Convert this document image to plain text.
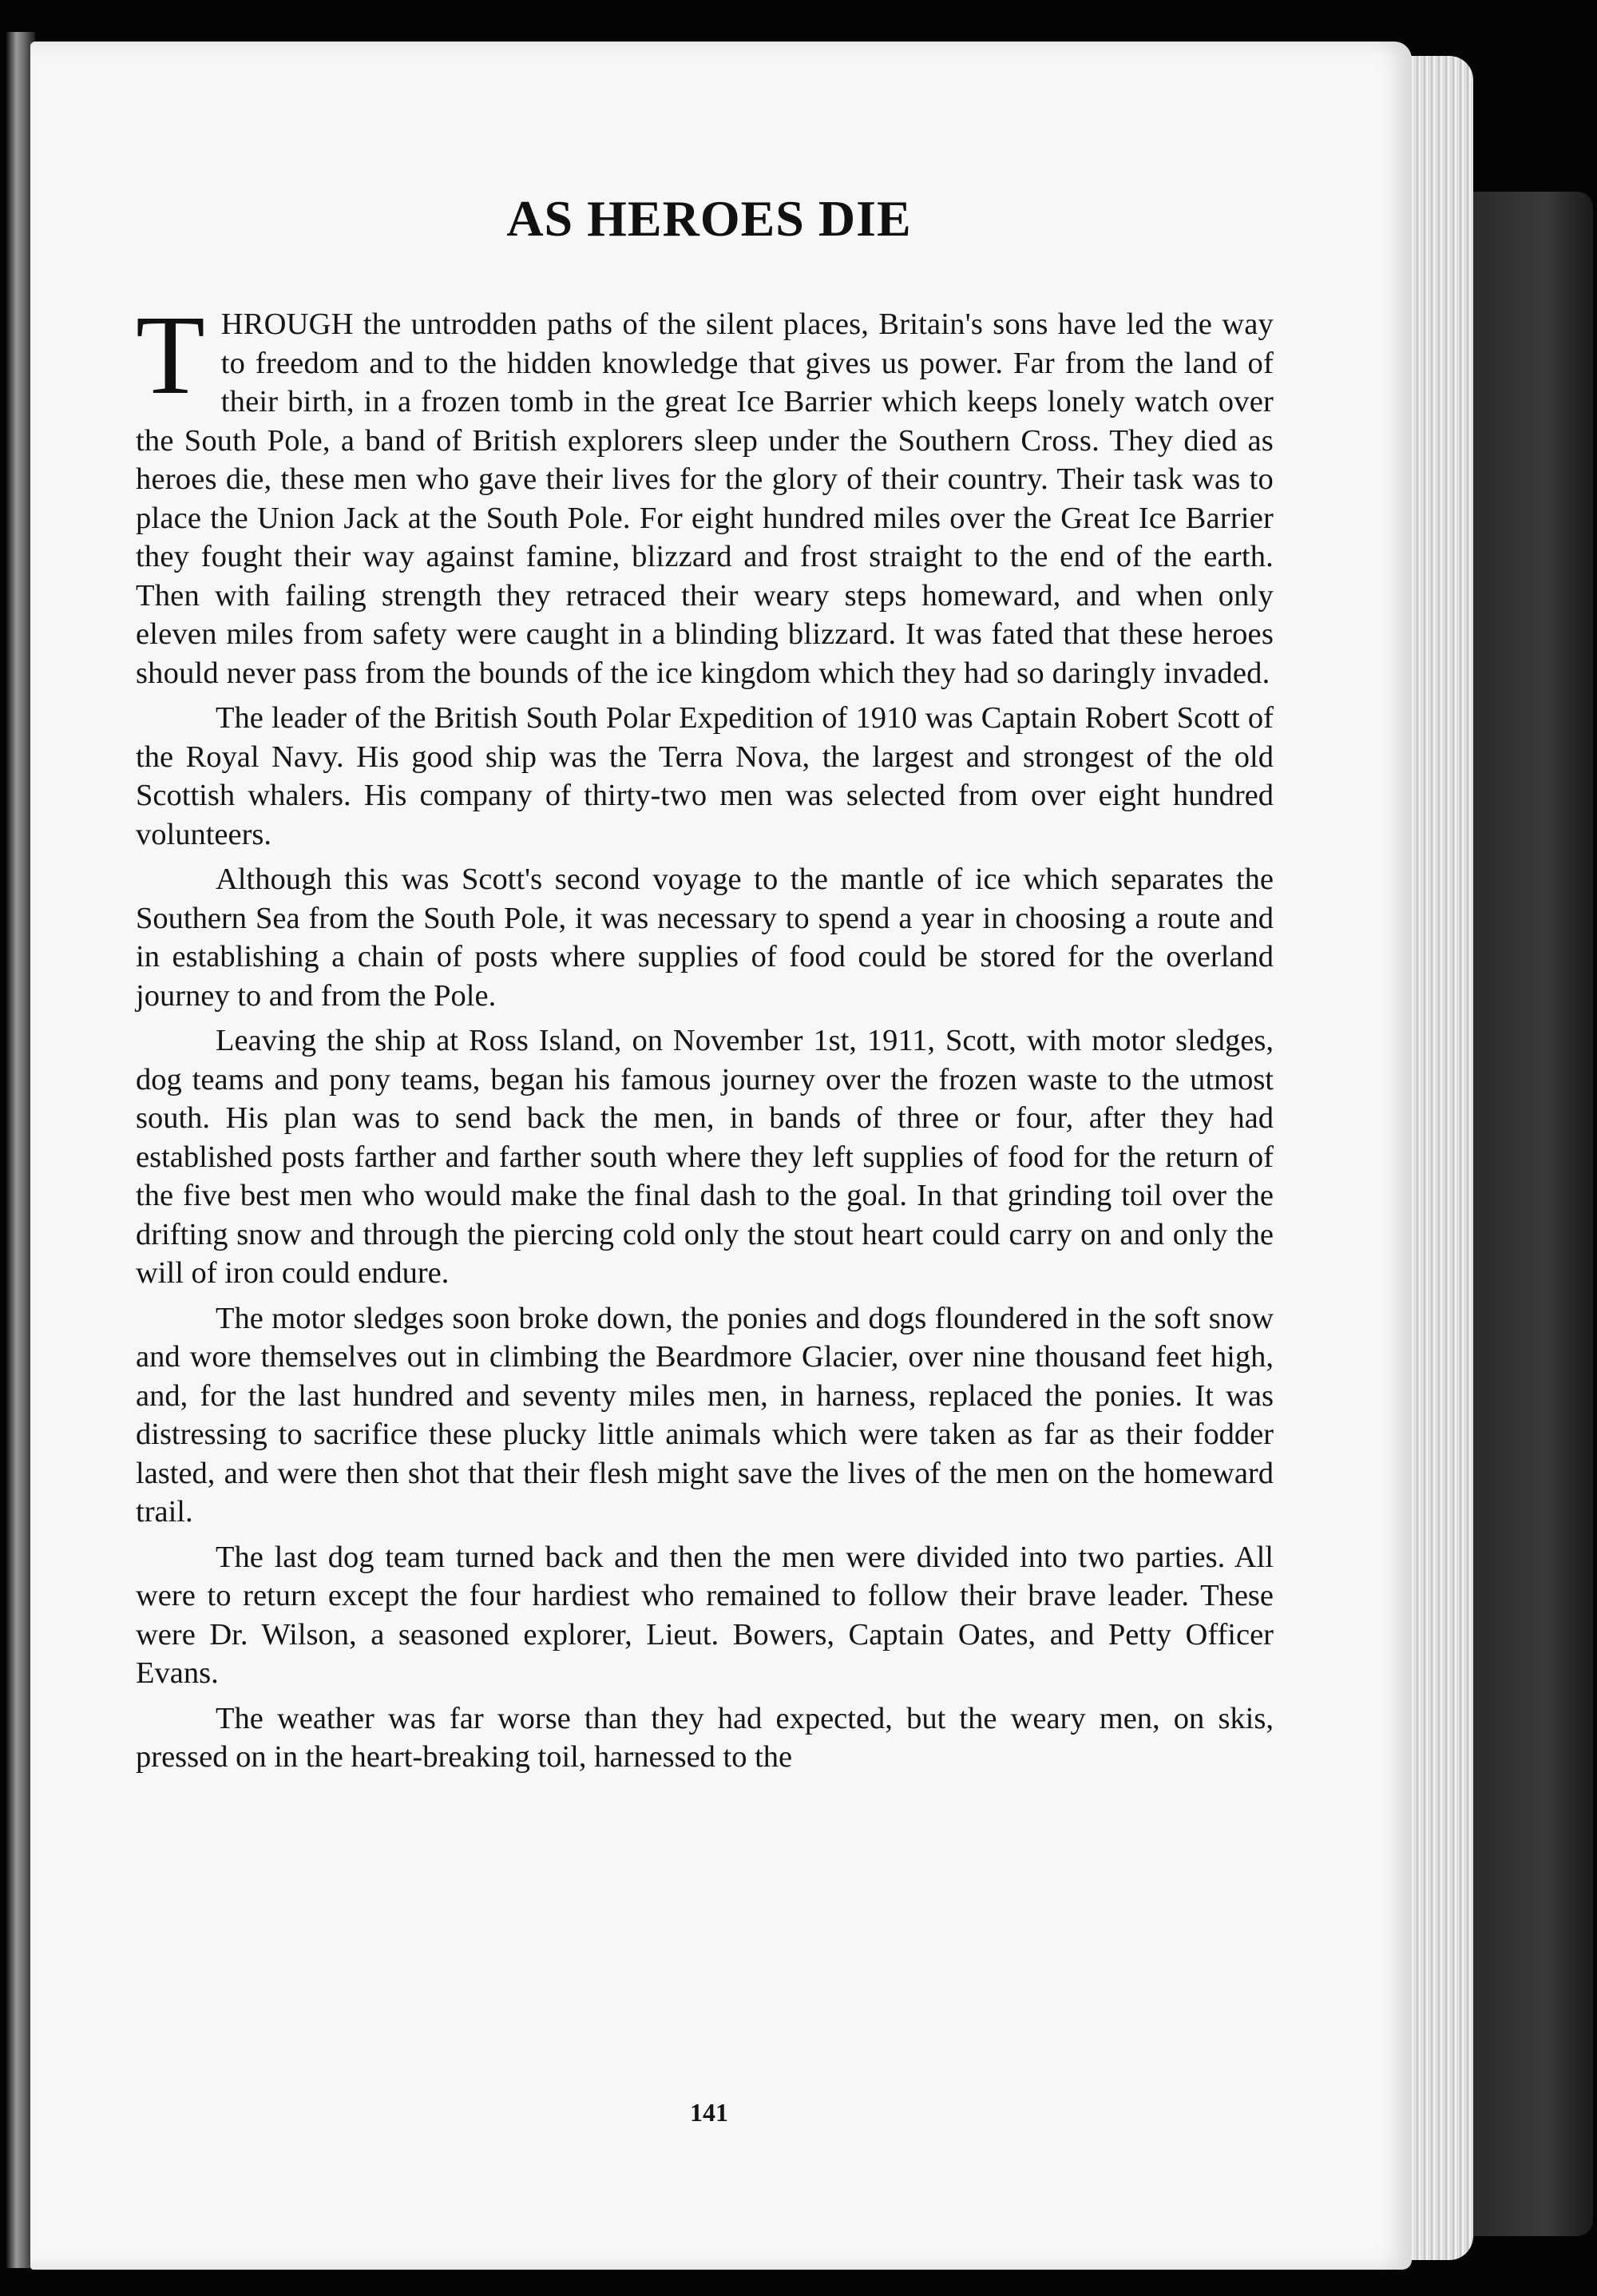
AS HEROES DIE

THROUGH the untrodden paths of the silent places, Britain's sons have led the way to freedom and to the hidden knowledge that gives us power. Far from the land of their birth, in a frozen tomb in the great Ice Barrier which keeps lonely watch over the South Pole, a band of British explorers sleep under the Southern Cross. They died as heroes die, these men who gave their lives for the glory of their country. Their task was to place the Union Jack at the South Pole. For eight hundred miles over the Great Ice Barrier they fought their way against famine, blizzard and frost straight to the end of the earth. Then with failing strength they retraced their weary steps homeward, and when only eleven miles from safety were caught in a blinding blizzard. It was fated that these heroes should never pass from the bounds of the ice kingdom which they had so daringly invaded.

The leader of the British South Polar Expedition of 1910 was Captain Robert Scott of the Royal Navy. His good ship was the Terra Nova, the largest and strongest of the old Scottish whalers. His company of thirty-two men was selected from over eight hundred volunteers.

Although this was Scott's second voyage to the mantle of ice which separates the Southern Sea from the South Pole, it was necessary to spend a year in choosing a route and in establishing a chain of posts where supplies of food could be stored for the overland journey to and from the Pole.

Leaving the ship at Ross Island, on November 1st, 1911, Scott, with motor sledges, dog teams and pony teams, began his famous journey over the frozen waste to the utmost south. His plan was to send back the men, in bands of three or four, after they had established posts farther and farther south where they left supplies of food for the return of the five best men who would make the final dash to the goal. In that grinding toil over the drifting snow and through the piercing cold only the stout heart could carry on and only the will of iron could endure.

The motor sledges soon broke down, the ponies and dogs floundered in the soft snow and wore themselves out in climbing the Beardmore Glacier, over nine thousand feet high, and, for the last hundred and seventy miles men, in harness, replaced the ponies. It was distressing to sacrifice these plucky little animals which were taken as far as their fodder lasted, and were then shot that their flesh might save the lives of the men on the homeward trail.

The last dog team turned back and then the men were divided into two parties. All were to return except the four hardiest who remained to follow their brave leader. These were Dr. Wilson, a seasoned explorer, Lieut. Bowers, Captain Oates, and Petty Officer Evans.

The weather was far worse than they had expected, but the weary men, on skis, pressed on in the heart-breaking toil, harnessed to the

141
